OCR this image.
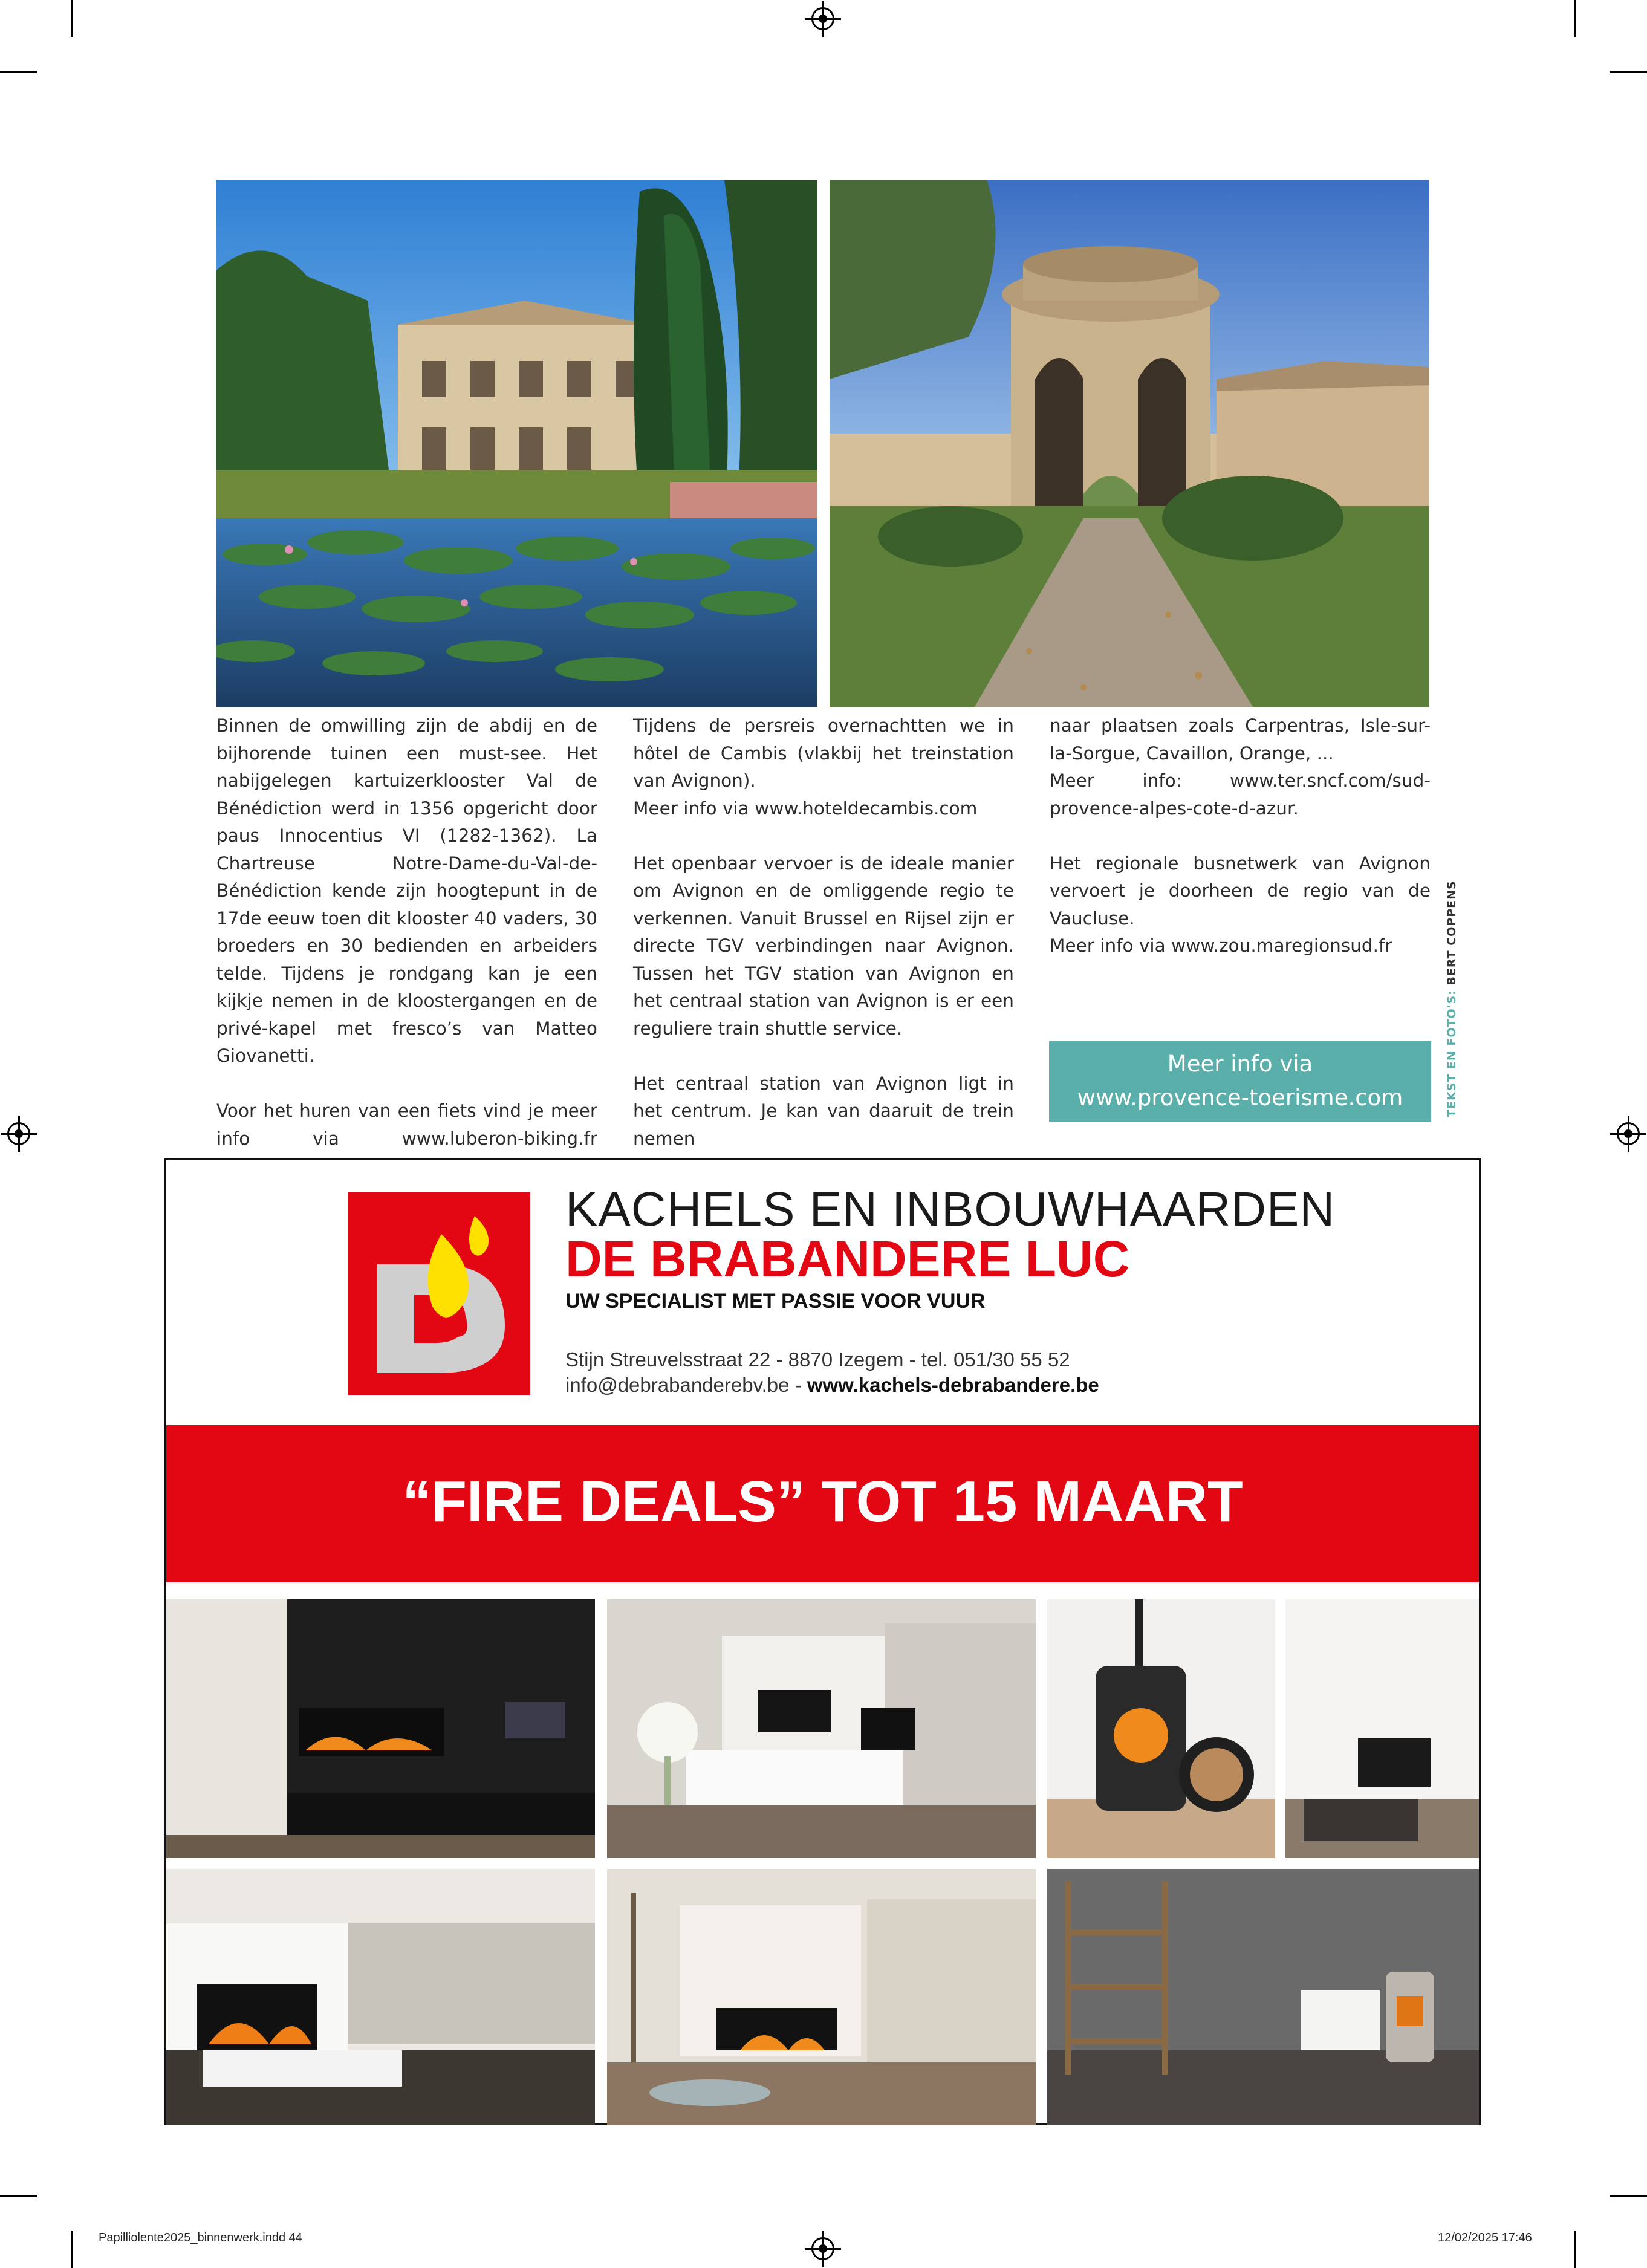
Binnen de omwilling zijn de abdij en de bijhorende tuinen een must-see. Het nabijgelegen kartuizerklooster Val de Bénédiction werd in 1356 opgericht door paus Innocentius VI (1282-1362). La Chartreuse Notre-Dame-du-Val-de-Bénédiction kende zijn hoogtepunt in de 17de eeuw toen dit klooster 40 vaders, 30 broeders en 30 bedienden en arbeiders telde. Tijdens je rondgang kan je een kijkje nemen in de kloostergangen en de privé-kapel met fresco’s van Matteo Giovanetti.

Voor het huren van een fiets vind je meer info via www.luberon-biking.fr

Tijdens de persreis overnachtten we in hôtel de Cambis (vlakbij het treinstation van Avignon).

Meer info via www.hoteldecambis.com

Het openbaar vervoer is de ideale manier om Avignon en de omliggende regio te verkennen. Vanuit Brussel en Rijsel zijn er directe TGV verbindingen naar Avignon. Tussen het TGV station van Avignon en het centraal station van Avignon is er een reguliere train shuttle service.

Het centraal station van Avignon ligt in het centrum. Je kan van daaruit de trein nemen

naar plaatsen zoals Carpentras, Isle-sur-la-Sorgue, Cavaillon, Orange, ...

Meer info: www.ter.sncf.com/sud-provence-alpes-cote-d-azur.

Het regionale busnetwerk van Avignon vervoert je doorheen de regio van de Vaucluse.

Meer info via www.zou.maregionsud.fr

Meer info via
www.provence-toerisme.com	TEKST EN FOTO'S: BERT COPPENS
KACHELS EN INBOUWHAARDEN
DE BRABANDERE LUC
UW SPECIALIST MET PASSIE VOOR VUUR
Stijn Streuvelsstraat 22 - 8870 Izegem - tel. 051/30 55 52
info@debrabanderebv.be - www.kachels-debrabandere.be
“FIRE DEALS” TOT 15 MAART
Papilliolente2025_binnenwerk.indd 44	12/02/2025 17:46
